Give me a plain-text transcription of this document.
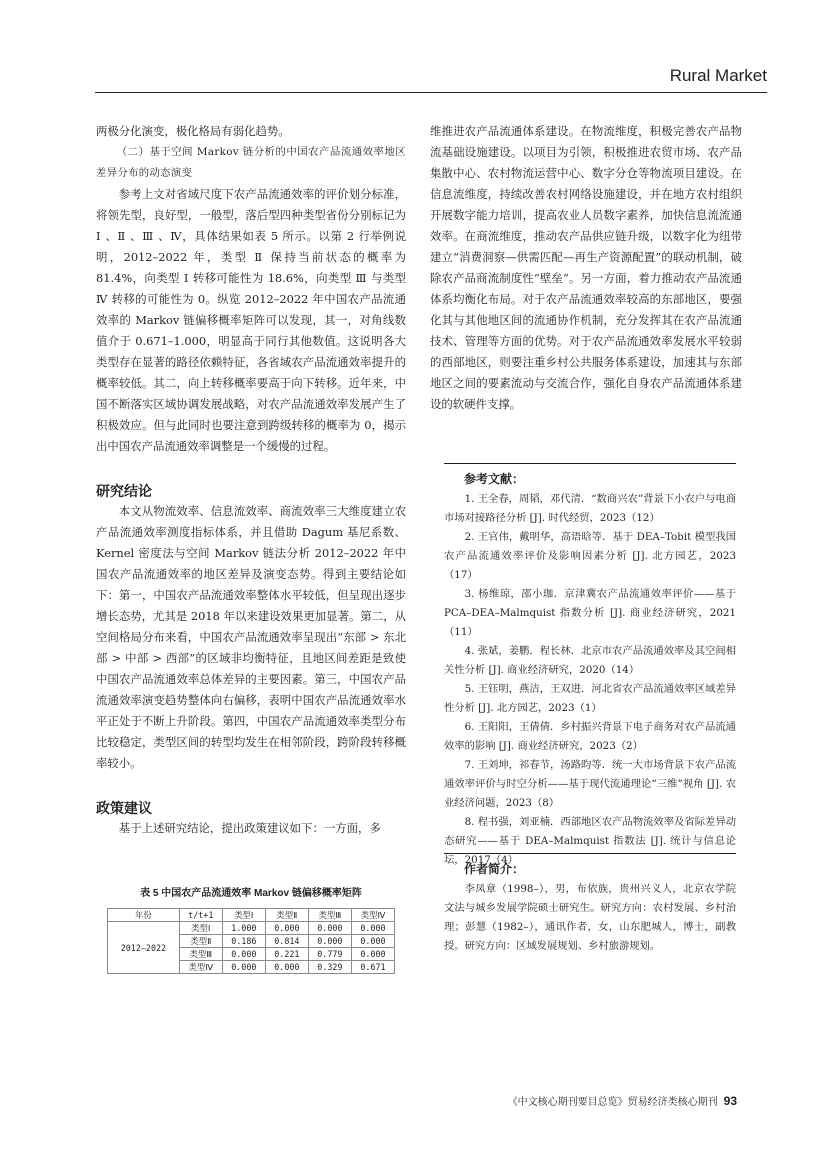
Rural Market

两极分化演变，极化格局有弱化趋势。

（二）基于空间 Markov 链分析的中国农产品流通效率地区差异分布的动态演变

参考上文对省域尺度下农产品流通效率的评价划分标准，将领先型，良好型，一般型，落后型四种类型省份分别标记为 Ⅰ 、Ⅱ 、Ⅲ 、Ⅳ，具体结果如表 5 所示。以第 2 行举例说明，2012–2022 年，类型 Ⅱ 保持当前状态的概率为 81.4%，向类型 Ⅰ 转移可能性为 18.6%，向类型 Ⅲ 与类型 Ⅳ 转移的可能性为 0。纵览 2012–2022 年中国农产品流通效率的 Markov 链偏移概率矩阵可以发现，其一，对角线数值介于 0.671–1.000，明显高于同行其他数值。这说明各大类型存在显著的路径依赖特征，各省域农产品流通效率提升的概率较低。其二，向上转移概率要高于向下转移。近年来，中国不断落实区域协调发展战略，对农产品流通效率发展产生了积极效应。但与此同时也要注意到跨级转移的概率为 0，揭示出中国农产品流通效率调整是一个缓慢的过程。

研究结论

本文从物流效率、信息流效率、商流效率三大维度建立农产品流通效率测度指标体系，并且借助 Dagum 基尼系数、Kernel 密度法与空间 Markov 链法分析 2012–2022 年中国农产品流通效率的地区差异及演变态势。得到主要结论如下：第一，中国农产品流通效率整体水平较低，但呈现出逐步增长态势，尤其是 2018 年以来建设效果更加显著。第二，从空间格局分布来看，中国农产品流通效率呈现出“东部 > 东北部 > 中部 > 西部”的区域非均衡特征，且地区间差距是致使中国农产品流通效率总体差异的主要因素。第三，中国农产品流通效率演变趋势整体向右偏移，表明中国农产品流通效率水平正处于不断上升阶段。第四，中国农产品流通效率类型分布比较稳定，类型区间的转型均发生在相邻阶段，跨阶段转移概率较小。

政策建议

基于上述研究结论，提出政策建议如下：一方面，多

表 5 中国农产品流通效率 Markov 链偏移概率矩阵
年份	t/t+1	类型Ⅰ	类型Ⅱ	类型Ⅲ	类型Ⅳ
2012–2022	类型Ⅰ	1.000	0.000	0.000	0.000
	类型Ⅱ	0.186	0.814	0.000	0.000
	类型Ⅲ	0.000	0.221	0.779	0.000
	类型Ⅳ	0.000	0.000	0.329	0.671

维推进农产品流通体系建设。在物流维度，积极完善农产品物流基础设施建设。以项目为引领，积极推进农贸市场、农产品集散中心、农村物流运营中心、数字分仓等物流项目建设。在信息流维度，持续改善农村网络设施建设，并在地方农村组织开展数字能力培训，提高农业人员数字素养，加快信息流流通效率。在商流维度，推动农产品供应链升级，以数字化为纽带建立“消费洞察—供需匹配—再生产资源配置”的联动机制，破除农产品商流制度性“壁垒”。另一方面，着力推动农产品流通体系均衡化布局。对于农产品流通效率较高的东部地区，要强化其与其他地区间的流通协作机制，充分发挥其在农产品流通技术、管理等方面的优势。对于农产品流通效率发展水平较弱的西部地区，则要注重乡村公共服务体系建设，加速其与东部地区之间的要素流动与交流合作，强化自身农产品流通体系建设的软硬件支撑。

参考文献：

1. 王全春，周韬，邓代清．“数商兴农”背景下小农户与电商市场对接路径分析 [J]. 时代经贸，2023（12）

2. 王官伟，戴明华，高语晗等．基于 DEA–Tobit 模型我国农产品流通效率评价及影响因素分析 [J]. 北方园艺，2023（17）

3. 杨维琼，邵小珈．京津冀农产品流通效率评价——基于 PCA–DEA–Malmquist 指数分析 [J]. 商业经济研究，2021（11）

4. 张斌，姜鹏．程长林．北京市农产品流通效率及其空间相关性分析 [J]. 商业经济研究，2020（14）

5. 王钰明，燕洁，王双进．河北省农产品流通效率区域差异性分析 [J]. 北方园艺，2023（1）

6. 王阳阳，王倩倩．乡村振兴背景下电子商务对农产品流通效率的影响 [J]. 商业经济研究，2023（2）

7. 王刘坤，祁春节，汤路昀等．统一大市场背景下农产品流通效率评价与时空分析——基于现代流通理论“三维”视角 [J]. 农业经济问题，2023（8）

8. 程书强，刘亚楠．西部地区农产品物流效率及省际差异动态研究——基于 DEA–Malmquist 指数法 [J]. 统计与信息论坛，2017（4）

作者简介：

李凤章（1998–），男，布依族，贵州兴义人，北京农学院文法与城乡发展学院硕士研究生。研究方向：农村发展、乡村治理；彭慧（1982–），通讯作者，女，山东肥城人，博士，副教授。研究方向：区域发展规划、乡村旅游规划。

《中文核心期刊要目总览》贸易经济类核心期刊 93
